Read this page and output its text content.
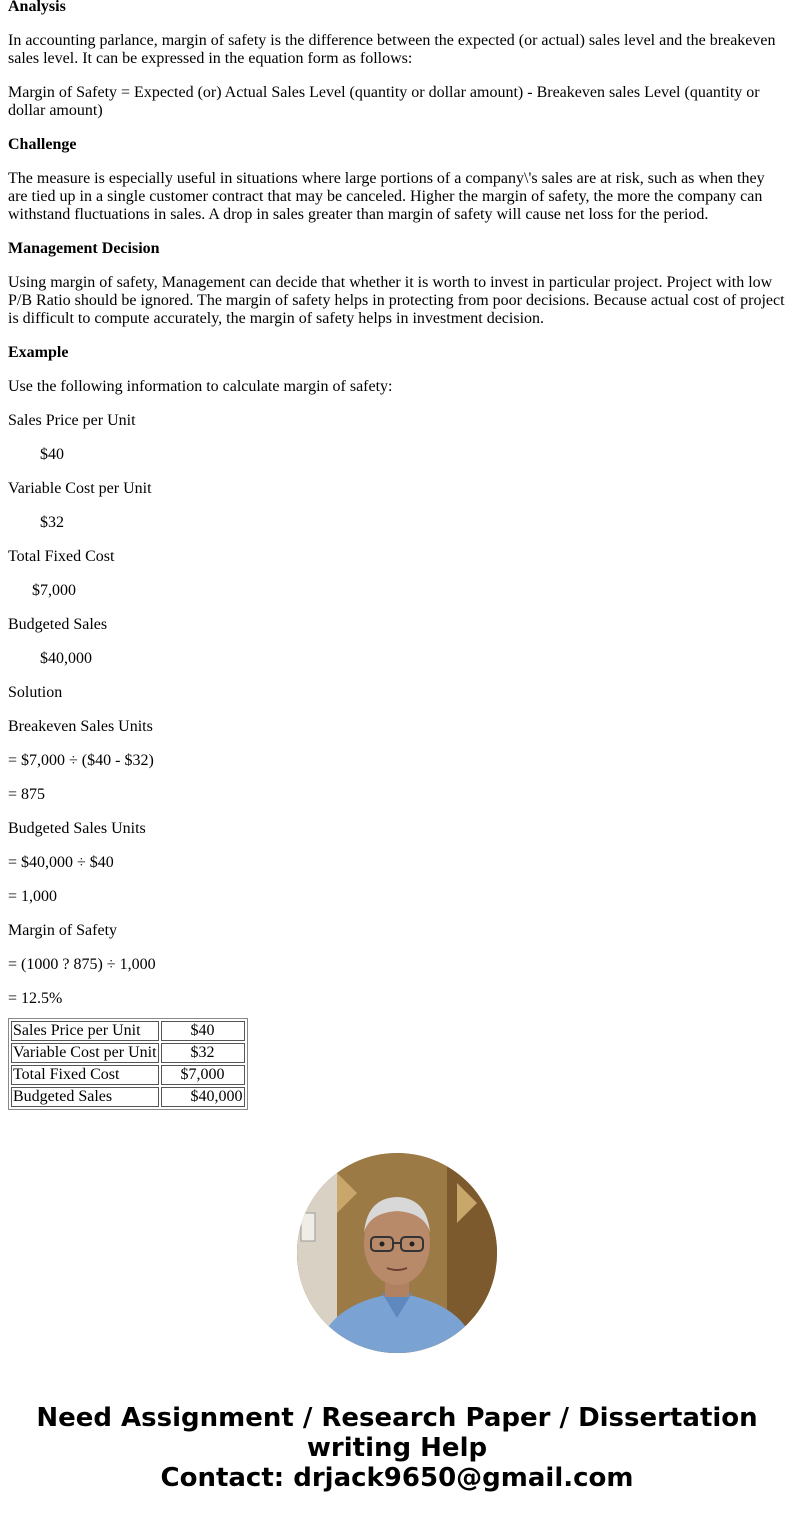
Analysis

In accounting parlance, margin of safety is the difference between the expected (or actual) sales level and the breakeven sales level. It can be expressed in the equation form as follows:

Margin of Safety = Expected (or) Actual Sales Level (quantity or dollar amount) - Breakeven sales Level (quantity or dollar amount)

Challenge

The measure is especially useful in situations where large portions of a company\'s sales are at risk, such as when they are tied up in a single customer contract that may be canceled. Higher the margin of safety, the more the company can withstand fluctuations in sales. A drop in sales greater than margin of safety will cause net loss for the period.

Management Decision

Using margin of safety, Management can decide that whether it is worth to invest in particular project. Project with low P/B Ratio should be ignored. The margin of safety helps in protecting from poor decisions. Because actual cost of project is difficult to compute accurately, the margin of safety helps in investment decision.

Example

Use the following information to calculate margin of safety:

Sales Price per Unit

$40

Variable Cost per Unit

$32

Total Fixed Cost

$7,000

Budgeted Sales

$40,000

Solution

Breakeven Sales Units

= $7,000 ÷ ($40 - $32)

= 875

Budgeted Sales Units

= $40,000 ÷ $40

= 1,000

Margin of Safety

= (1000 ? 875) ÷ 1,000

= 12.5%

Sales Price per Unit	$40
Variable Cost per Unit	$32
Total Fixed Cost	$7,000
Budgeted Sales	$40,000
Need Assignment / Research Paper / Dissertation
writing Help
Contact: drjack9650@gmail.com
